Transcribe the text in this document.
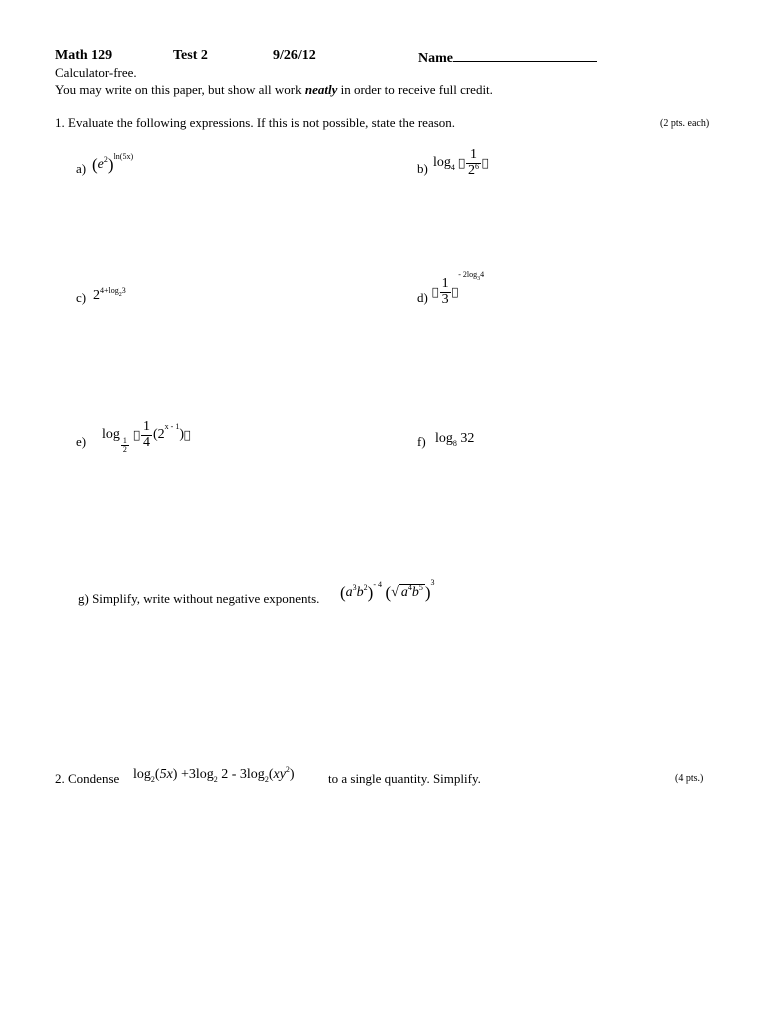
Math 129	Test 2	9/26/12	Name
Calculator-free.
You may write on this paper, but show all work neatly in order to receive full credit.
1. Evaluate the following expressions. If this is not possible, state the reason.	(2 pts. each)
a) $(e^2)^{ln(5x)}$
b) $\log_4 \frac{1}{2^6}$
c) $2^{4+log23}$	$d) \frac{1}{3} ^{- 2log34}$
e) log
$\frac{1}{2}$
$\frac{1}{4} (2^{x - 1})$	f) $\log_8 32$
g) Simplify, write without negative exponents. $(a^3b^2)^{- 4}$ (√ $a^4b^5$ )$^3$
2. Condense $\log_2(5x) +3\log_2$ $2 - 3\log_2(xy^2)$	to a single quantity. Simplify.	(4 pts.)
